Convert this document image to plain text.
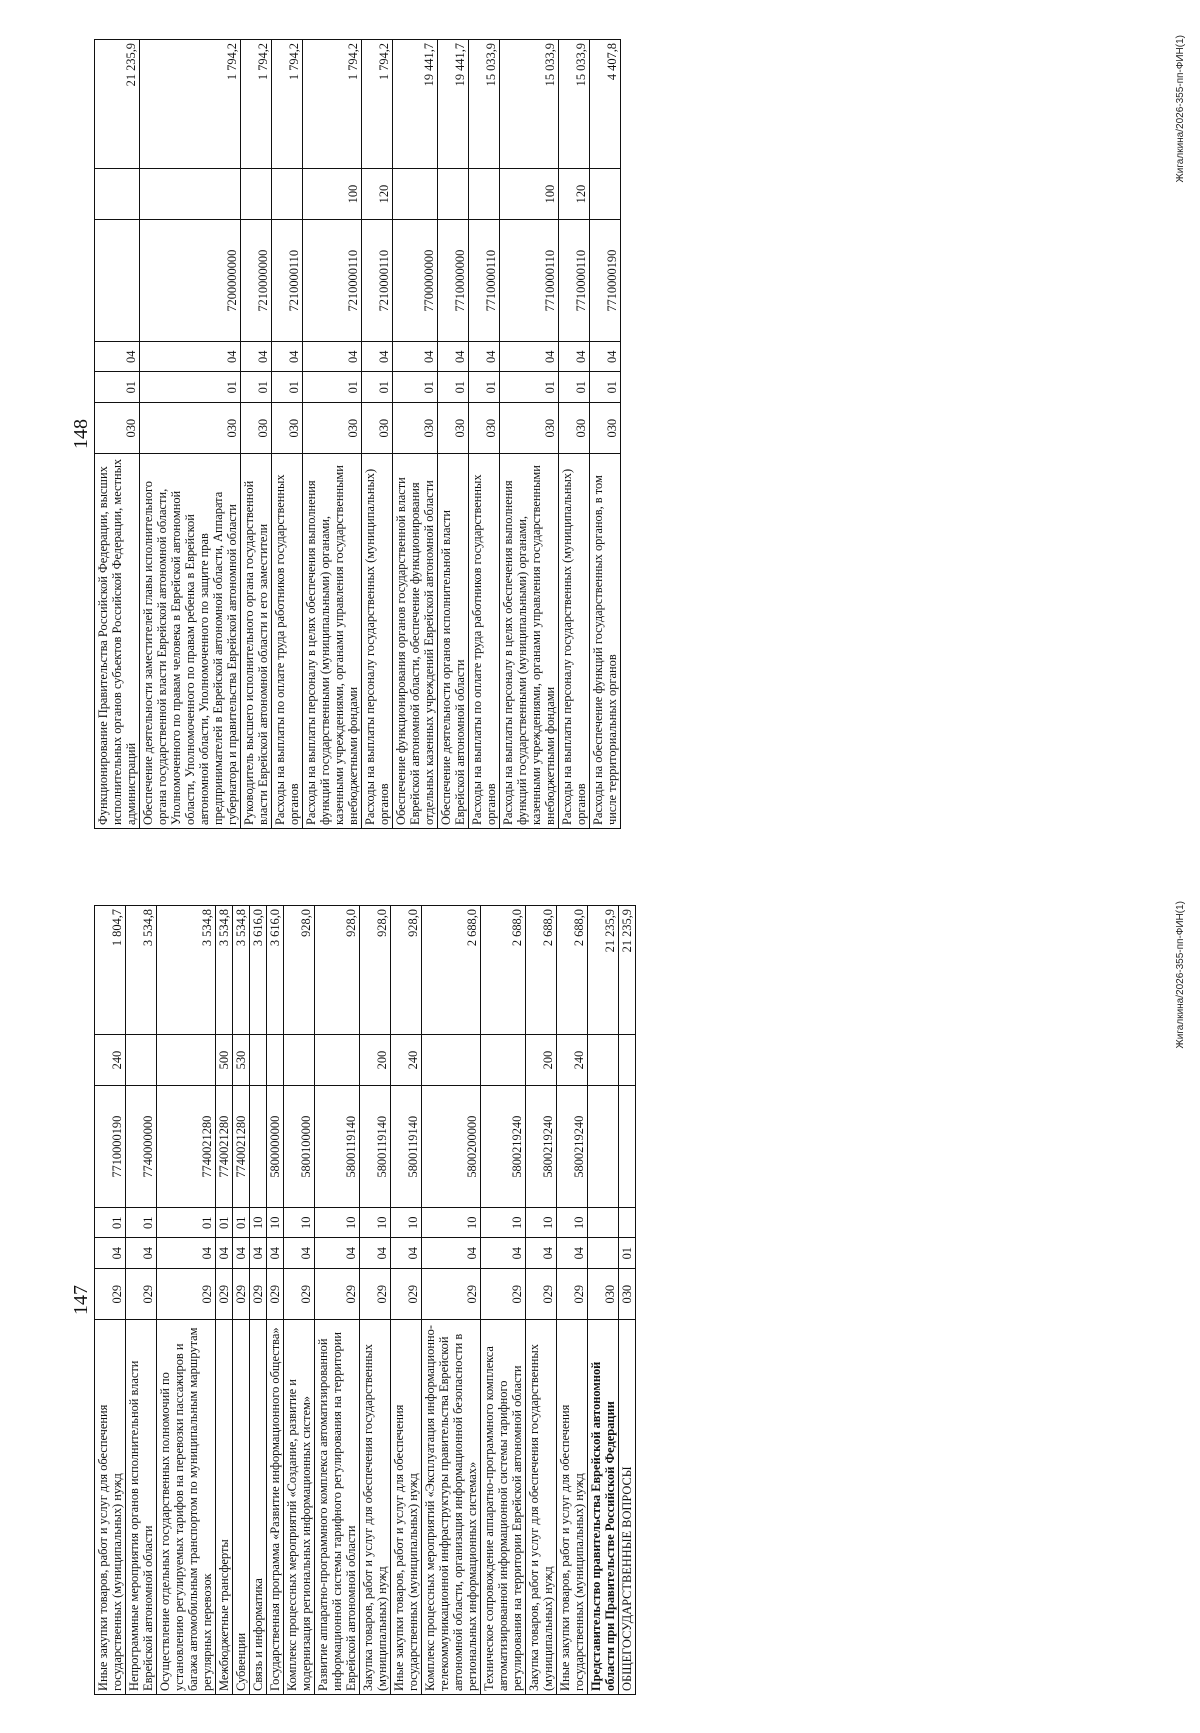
147
Иные закупки товаров, работ и услуг для обеспечения государственных (муниципальных) нужд	029	04	01	7710000190	240	1 804,7
Непрограммные мероприятия органов исполнительной власти Еврейской автономной области	029	04	01	7740000000		3 534,8
Осуществление отдельных государственных полномочий по установлению регулируемых тарифов на перевозки пассажиров и багажа автомобильным транспортом по муниципальным маршрутам регулярных перевозок	029	04	01	7740021280		3 534,8
Межбюджетные трансферты	029	04	01	7740021280	500	3 534,8
Субвенции	029	04	01	7740021280	530	3 534,8
Связь и информатика	029	04	10			3 616,0
Государственная программа «Развитие информационного общества»	029	04	10	5800000000		3 616,0
Комплекс процессных мероприятий «Создание, развитие и модернизация региональных информационных систем»	029	04	10	5800100000		928,0
Развитие аппаратно-программного комплекса автоматизированной информационной системы тарифного регулирования на территории Еврейской автономной области	029	04	10	5800119140		928,0
Закупка товаров, работ и услуг для обеспечения государственных (муниципальных) нужд	029	04	10	5800119140	200	928,0
Иные закупки товаров, работ и услуг для обеспечения государственных (муниципальных) нужд	029	04	10	5800119140	240	928,0
Комплекс процессных мероприятий «Эксплуатация информационно-телекоммуникационной инфраструктуры правительства Еврейской автономной области, организация информационной безопасности в региональных информационных системах»	029	04	10	5800200000		2 688,0
Техническое сопровождение аппаратно-программного комплекса автоматизированной информационной системы тарифного регулирования на территории Еврейской автономной области	029	04	10	5800219240		2 688,0
Закупка товаров, работ и услуг для обеспечения государственных (муниципальных) нужд	029	04	10	5800219240	200	2 688,0
Иные закупки товаров, работ и услуг для обеспечения государственных (муниципальных) нужд	029	04	10	5800219240	240	2 688,0
Представительство правительства Еврейской автономной области при Правительстве Российской Федерации	030					21 235,9
ОБЩЕГОСУДАРСТВЕННЫЕ ВОПРОСЫ	030	01				21 235,9	Жигалкина/2026-355-пп-ФИН(1)
148
Функционирование Правительства Российской Федерации, высших исполнительных органов субъектов Российской Федерации, местных администраций	030	01	04			21 235,9
Обеспечение деятельности заместителей главы исполнительного органа государственной власти Еврейской автономной области, Уполномоченного по правам человека в Еврейской автономной области, Уполномоченного по правам ребенка в Еврейской автономной области, Уполномоченного по защите прав предпринимателей в Еврейской автономной области, Аппарата губернатора и правительства Еврейской автономной области	030	01	04	7200000000		1 794,2
Руководитель высшего исполнительного органа государственной власти Еврейской автономной области и его заместители	030	01	04	7210000000		1 794,2
Расходы на выплаты по оплате труда работников государственных органов	030	01	04	7210000110		1 794,2
Расходы на выплаты персоналу в целях обеспечения выполнения функций государственными (муниципальными) органами, казенными учреждениями, органами управления государственными внебюджетными фондами	030	01	04	7210000110	100	1 794,2
Расходы на выплаты персоналу государственных (муниципальных) органов	030	01	04	7210000110	120	1 794,2
Обеспечение функционирования органов государственной власти Еврейской автономной области, обеспечение функционирования отдельных казенных учреждений Еврейской автономной области	030	01	04	7700000000		19 441,7
Обеспечение деятельности органов исполнительной власти Еврейской автономной области	030	01	04	7710000000		19 441,7
Расходы на выплаты по оплате труда работников государственных органов	030	01	04	7710000110		15 033,9
Расходы на выплаты персоналу в целях обеспечения выполнения функций государственными (муниципальными) органами, казенными учреждениями, органами управления государственными внебюджетными фондами	030	01	04	7710000110	100	15 033,9
Расходы на выплаты персоналу государственных (муниципальных) органов	030	01	04	7710000110	120	15 033,9
Расходы на обеспечение функций государственных органов, в том числе территориальных органов	030	01	04	7710000190		4 407,8	Жигалкина/2026-355-пп-ФИН(1)
